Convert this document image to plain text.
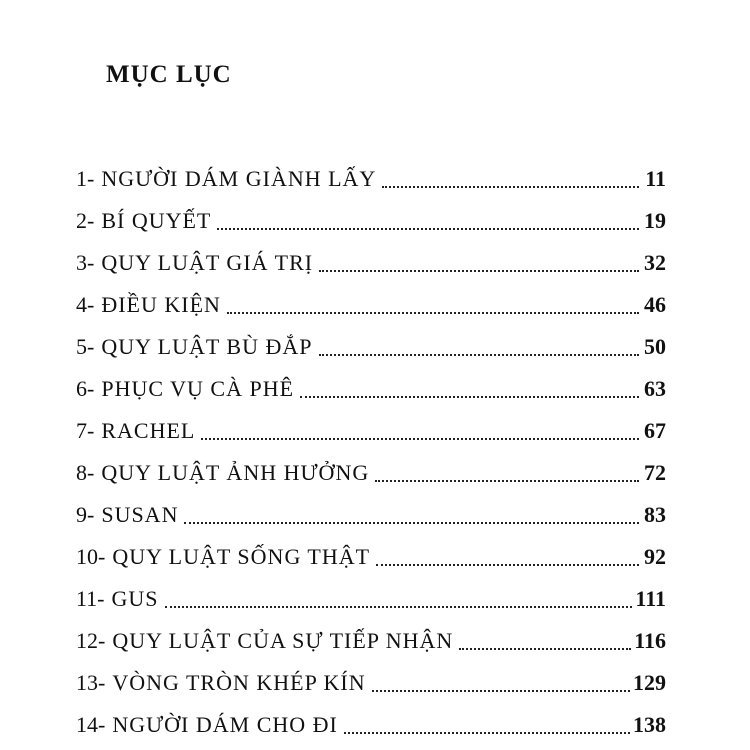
MỤC LỤC
1- NGƯỜI DÁM GIÀNH LẤY	11
2- BÍ QUYẾT	19
3- QUY LUẬT GIÁ TRỊ	32
4- ĐIỀU KIỆN	46
5- QUY LUẬT BÙ ĐẮP	50
6- PHỤC VỤ CÀ PHÊ	63
7- RACHEL	67
8- QUY LUẬT ẢNH HƯỞNG	72
9- SUSAN	83
10- QUY LUẬT SỐNG THẬT	92
11- GUS	111
12- QUY LUẬT CỦA SỰ TIẾP NHẬN	116
13- VÒNG TRÒN KHÉP KÍN	129
14- NGƯỜI DÁM CHO ĐI	138
